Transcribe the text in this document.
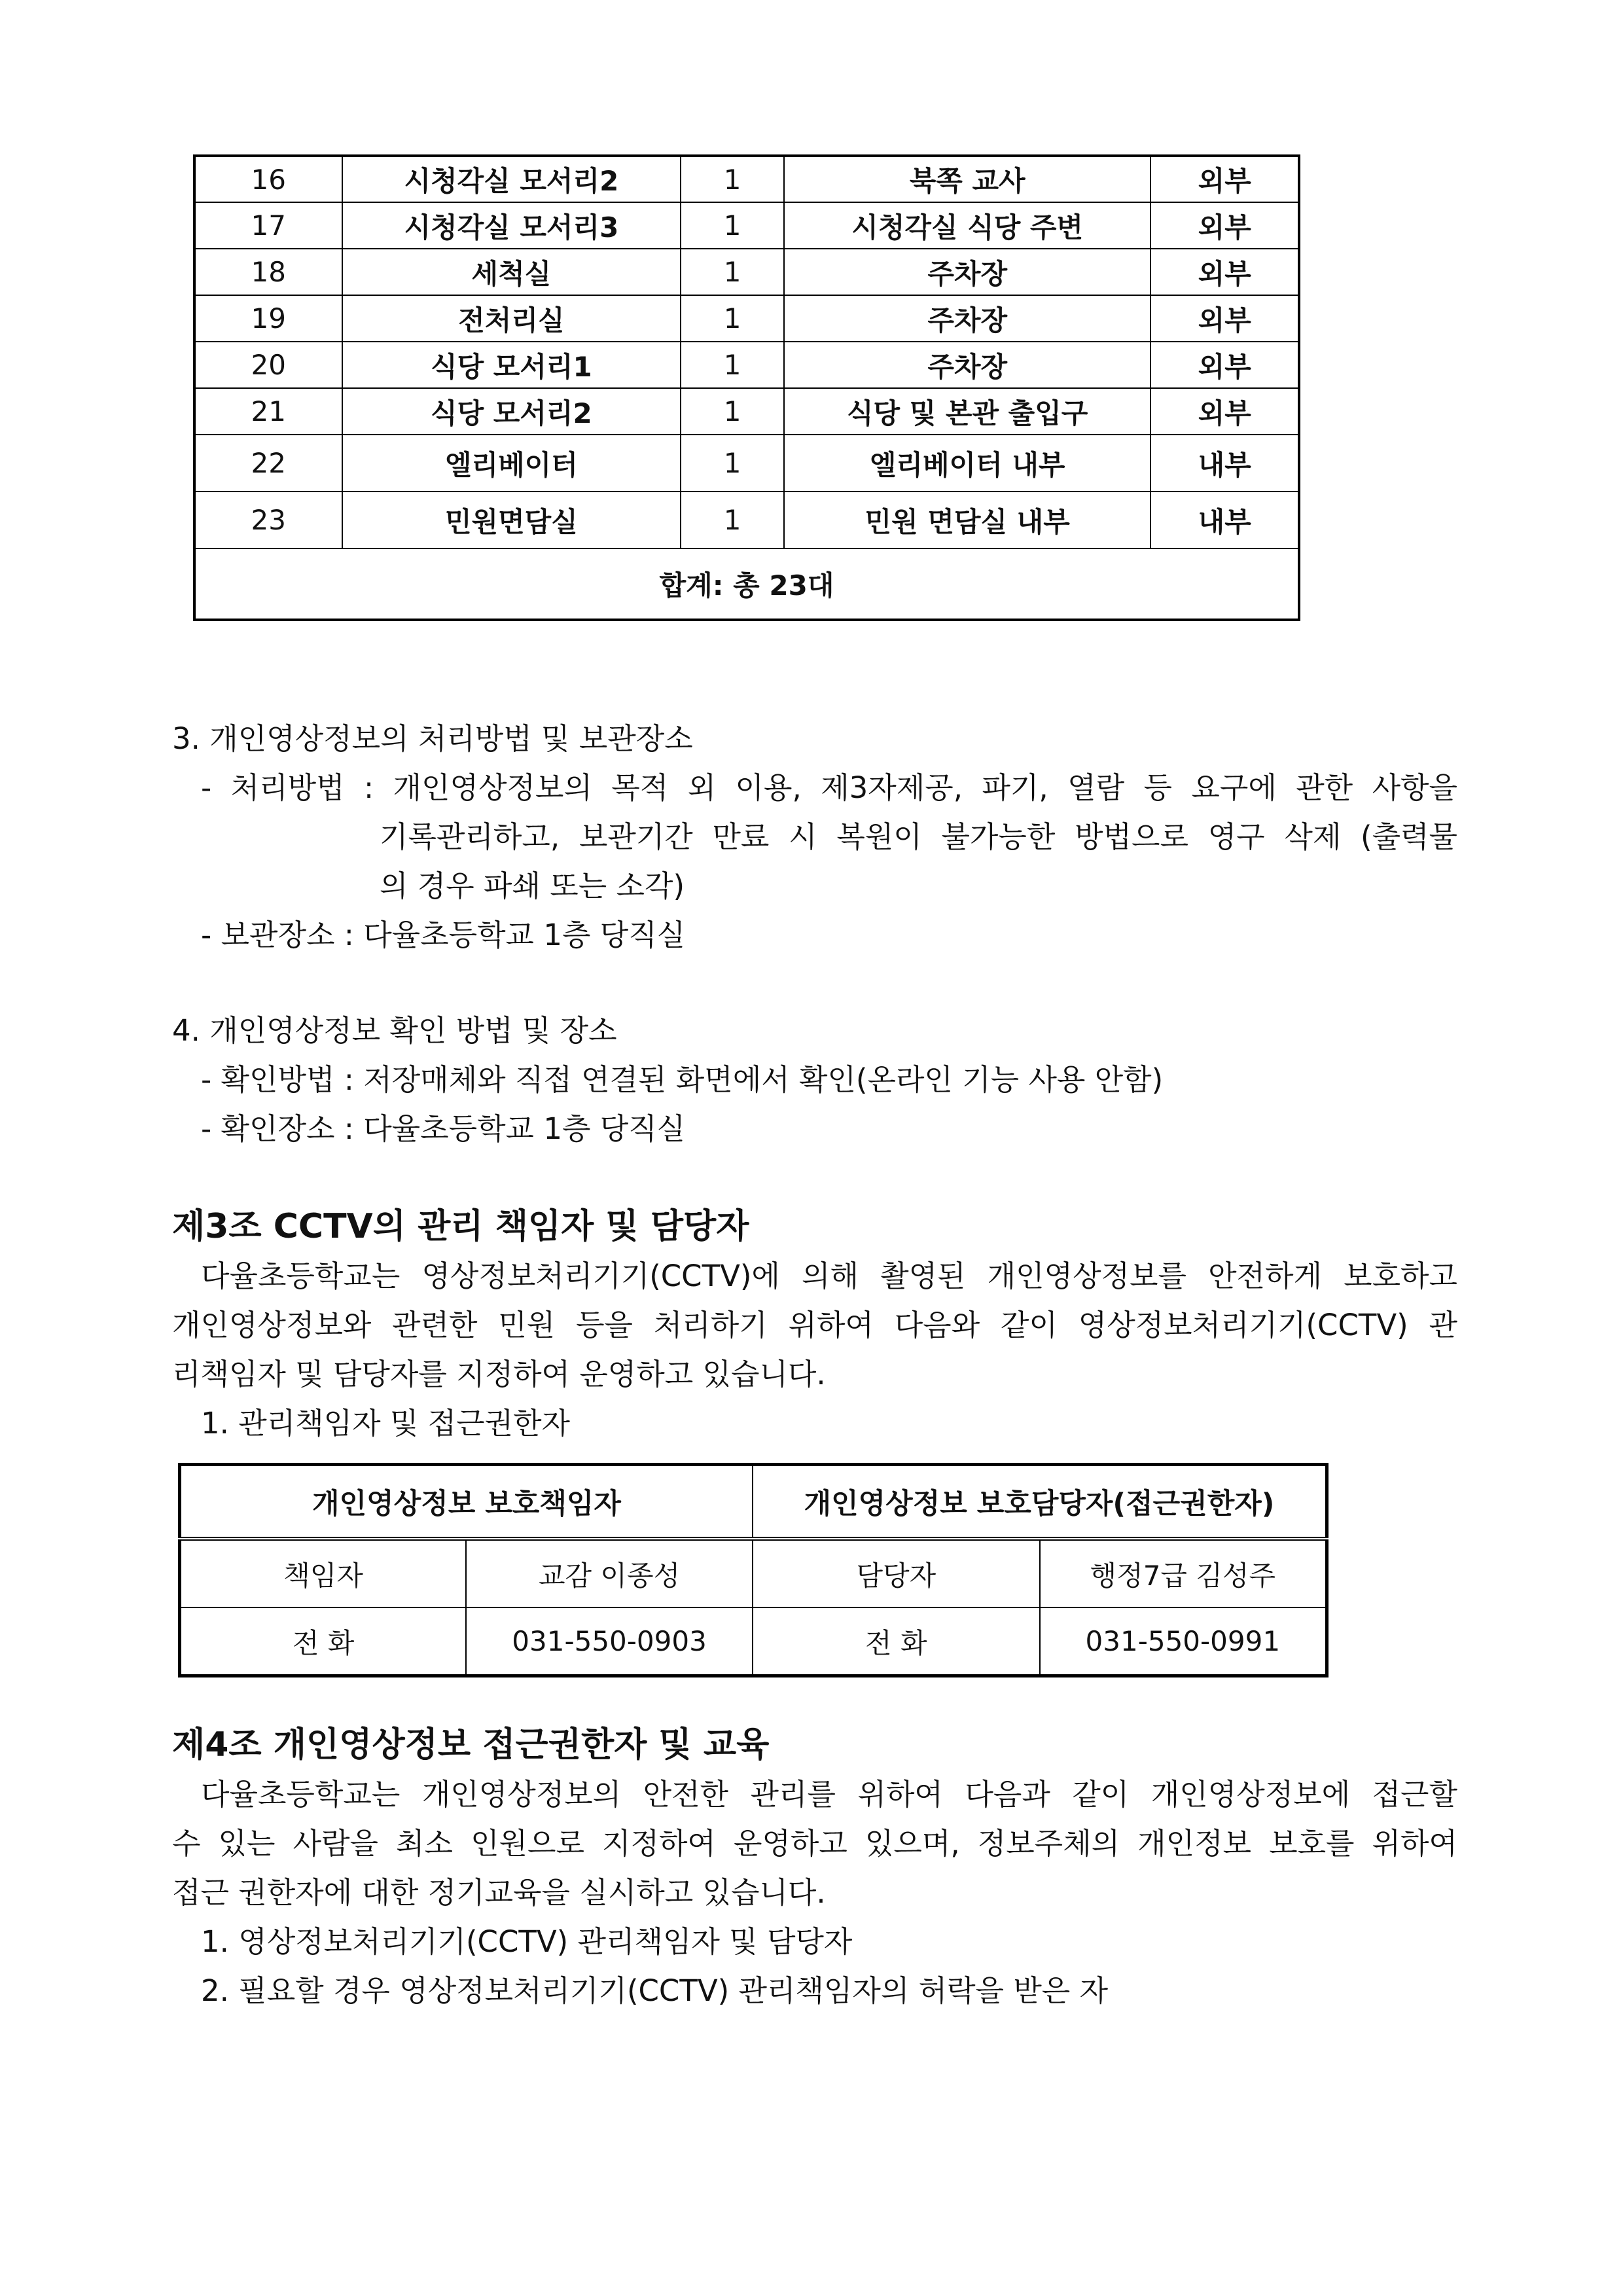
16	시청각실 모서리2	1	북쪽 교사	외부
17	시청각실 모서리3	1	시청각실 식당 주변	외부
18	세척실	1	주차장	외부
19	전처리실	1	주차장	외부
20	식당 모서리1	1	주차장	외부
21	식당 모서리2	1	식당 및 본관 출입구	외부
22	엘리베이터	1	엘리베이터 내부	내부
23	민원면담실	1	민원 면담실 내부	내부
합계: 총 23대				
3. 개인영상정보의 처리방법 및 보관장소
- 처리방법 : 개인영상정보의 목적 외 이용, 제3자제공, 파기, 열람 등 요구에 관한 사항을
기록관리하고, 보관기간 만료 시 복원이 불가능한 방법으로 영구 삭제 (출력물
의 경우 파쇄 또는 소각)
- 보관장소 : 다율초등학교 1층 당직실
4. 개인영상정보 확인 방법 및 장소
- 확인방법 : 저장매체와 직접 연결된 화면에서 확인(온라인 기능 사용 안함)
- 확인장소 : 다율초등학교 1층 당직실
제3조 CCTV의 관리 책임자 및 담당자
다율초등학교는 영상정보처리기기(CCTV)에 의해 촬영된 개인영상정보를 안전하게 보호하고
개인영상정보와 관련한 민원 등을 처리하기 위하여 다음와 같이 영상정보처리기기(CCTV) 관
리책임자 및 담당자를 지정하여 운영하고 있습니다.
1. 관리책임자 및 접근권한자
개인영상정보 보호책임자		개인영상정보 보호담당자(접근권한자)	
책임자	교감 이종성	담당자	행정7급 김성주
전 화	031-550-0903	전 화	031-550-0991
제4조 개인영상정보 접근권한자 및 교육
다율초등학교는 개인영상정보의 안전한 관리를 위하여 다음과 같이 개인영상정보에 접근할
수 있는 사람을 최소 인원으로 지정하여 운영하고 있으며, 정보주체의 개인정보 보호를 위하여
접근 권한자에 대한 정기교육을 실시하고 있습니다.
1. 영상정보처리기기(CCTV) 관리책임자 및 담당자
2. 필요할 경우 영상정보처리기기(CCTV) 관리책임자의 허락을 받은 자
